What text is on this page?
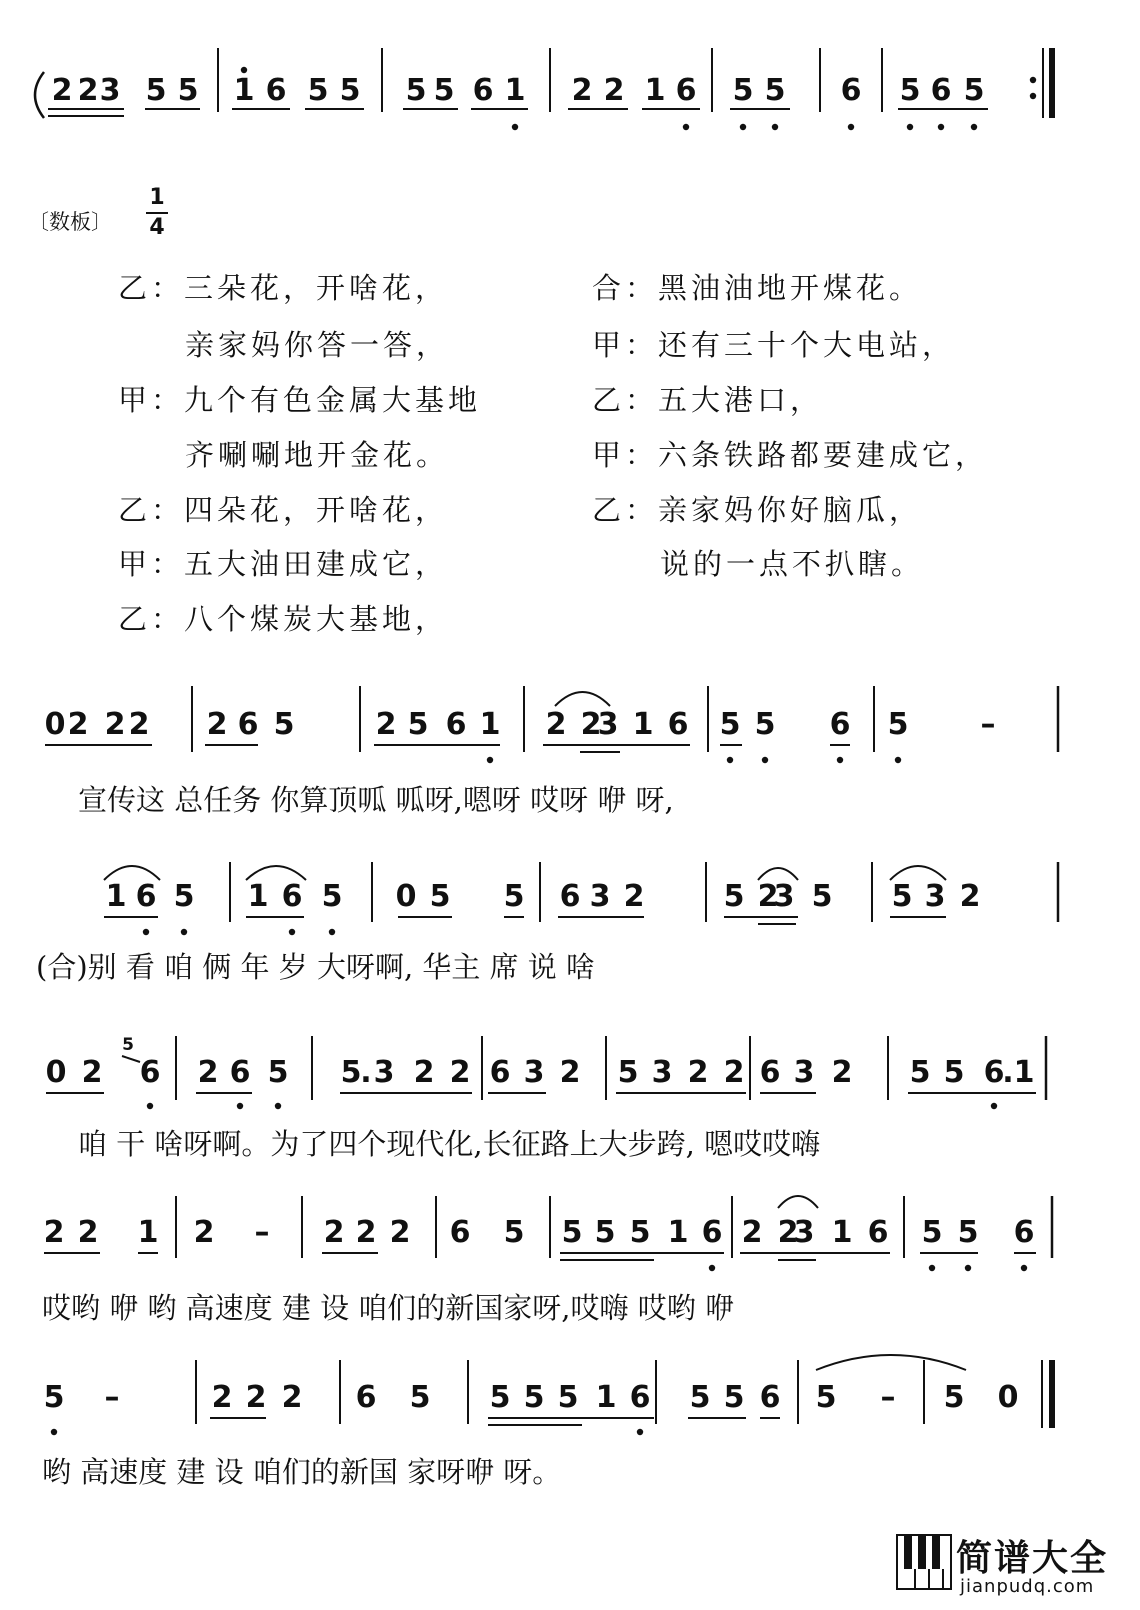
2 2 3 5 5 1 6 5 5 5 5 6 1 2 2 1 6 5 5 6 5 6 5
0 2 2 2 2 6 5	2 5 6 1 2 2
3 1 6 5 5 6 5 –
1 6 5 1 6 5 0 5 5 6 3 2	5 2
3 5 5 3 2
0 2 6 2 6 5 5
. 3 2 2 6 3 2 5 3 2 2 6 3 2 5 5 6
. 1
5
2 2 1 2 – 2 2 2 6 5 5 5 5 1 6 2 2
3 1 6 5 5 6
5 –	2 2 2 6 5 5 5 5 1 6 5 5 6 5 – 5 0
〔数板〕
1
4
乙：三朵花，开啥花，
亲家妈你答一答，
甲：九个有色金属大基地
齐唰唰地开金花。
乙：四朵花，开啥花，
甲：五大油田建成它，
乙：八个煤炭大基地，
合：黑油油地开煤花。
甲：还有三十个大电站，
乙：五大港口，
甲：六条铁路都要建成它，
乙：亲家妈你好脑瓜，
说的一点不扒瞎。
宣传这 总任务 你算顶呱 呱呀,嗯呀 哎呀 咿 呀,
(合)别 看 咱 俩 年 岁 大呀啊, 华主 席 说 啥
咱 干 啥呀啊。为了四个现代化,长征路上大步跨, 嗯哎哎嗨
哎哟 咿 哟 高速度 建 设 咱们的新国家呀,哎嗨 哎哟 咿
哟 高速度 建 设 咱们的新国 家呀咿 呀。
简谱大全
jianpudq.com
